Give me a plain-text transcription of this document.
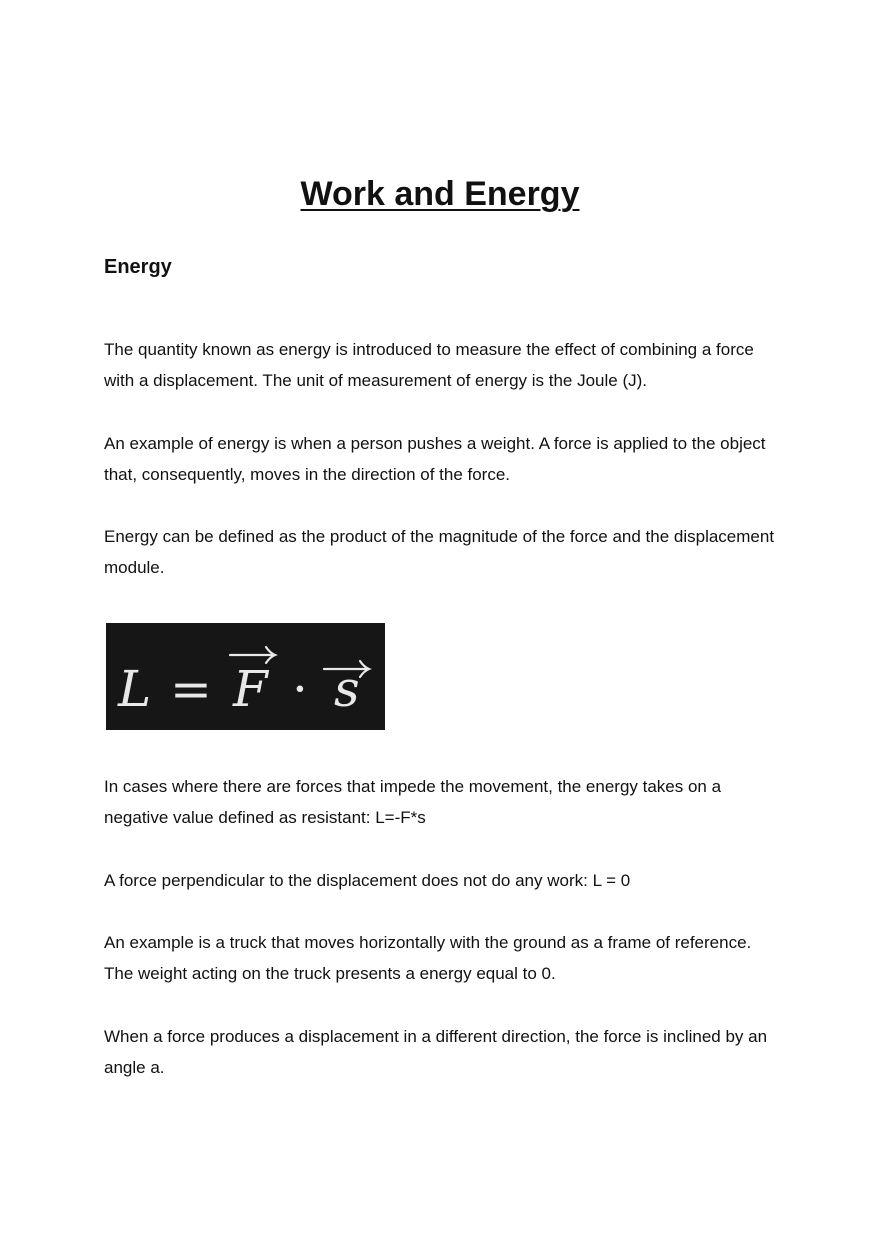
Work and Energy
Energy

The quantity known as energy is introduced to measure the effect of combining a force with a displacement. The unit of measurement of energy is the Joule (J).

An example of energy is when a person pushes a weight. A force is applied to the object that, consequently, moves in the direction of the force.

Energy can be defined as the product of the magnitude of the force and the displacement module.

L = F · s

In cases where there are forces that impede the movement, the energy takes on a negative value defined as resistant: L=-F*s

A force perpendicular to the displacement does not do any work: L = 0

An example is a truck that moves horizontally with the ground as a frame of reference. The weight acting on the truck presents a energy equal to 0.

When a force produces a displacement in a different direction, the force is inclined by an angle a.
